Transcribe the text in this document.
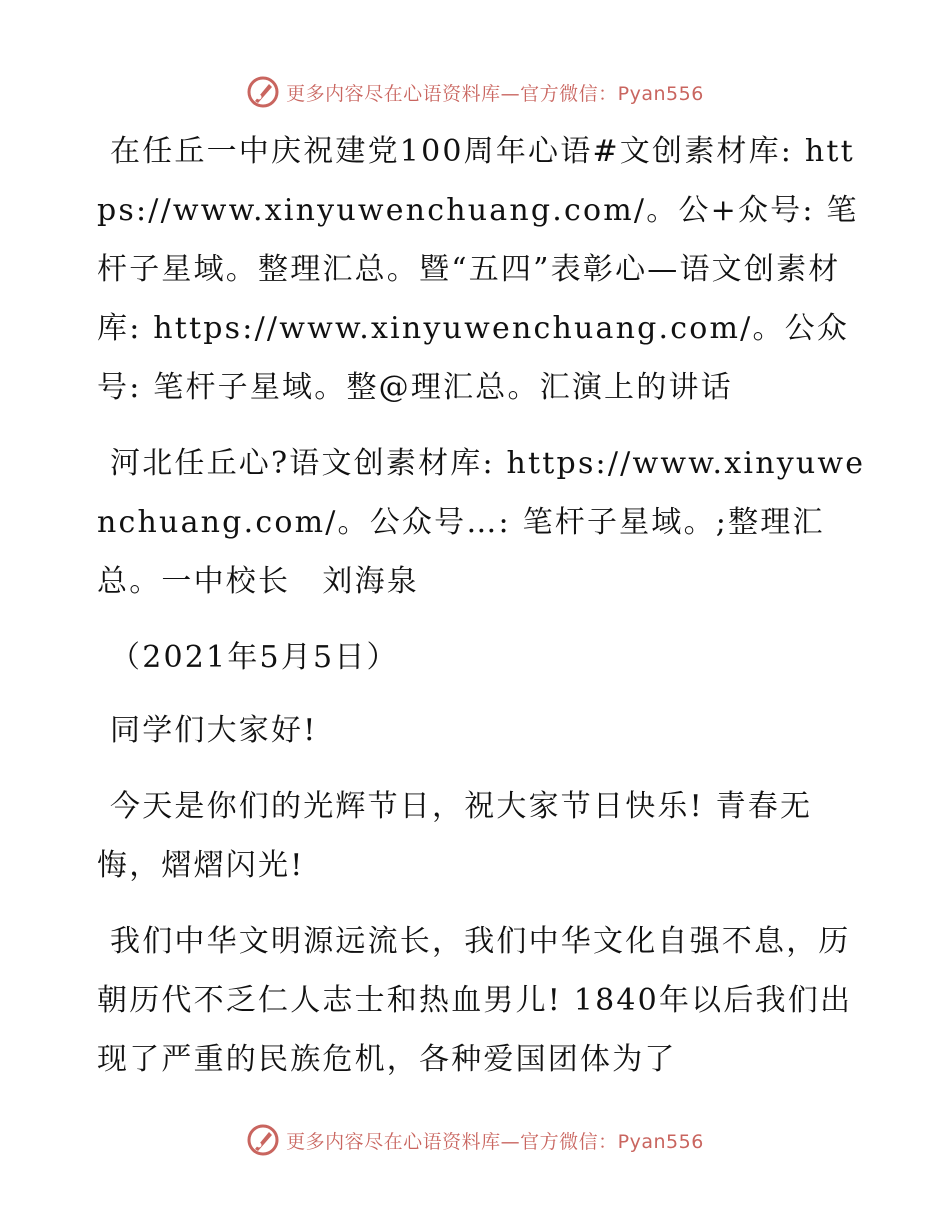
更多内容尽在心语资料库—官方微信：Pyan556

在任丘一中庆祝建党100周年心语#文创素材库: https://www.xinyuwenchuang.com/。公+众号: 笔杆子星域。整理汇总。暨“五四”表彰心—语文创素材库: https://www.xinyuwenchuang.com/。公众号: 笔杆子星域。整@理汇总。汇演上的讲话

河北任丘心?语文创素材库: https://www.xinyuwenchuang.com/。公众号…: 笔杆子星域。;整理汇总。一中校长　刘海泉

（2021年5月5日）

同学们大家好!

今天是你们的光辉节日，祝大家节日快乐! 青春无悔，熠熠闪光!

我们中华文明源远流长，我们中华文化自强不息，历朝历代不乏仁人志士和热血男儿! 1840年以后我们出现了严重的民族危机，各种爱国团体为了

更多内容尽在心语资料库—官方微信：Pyan556
